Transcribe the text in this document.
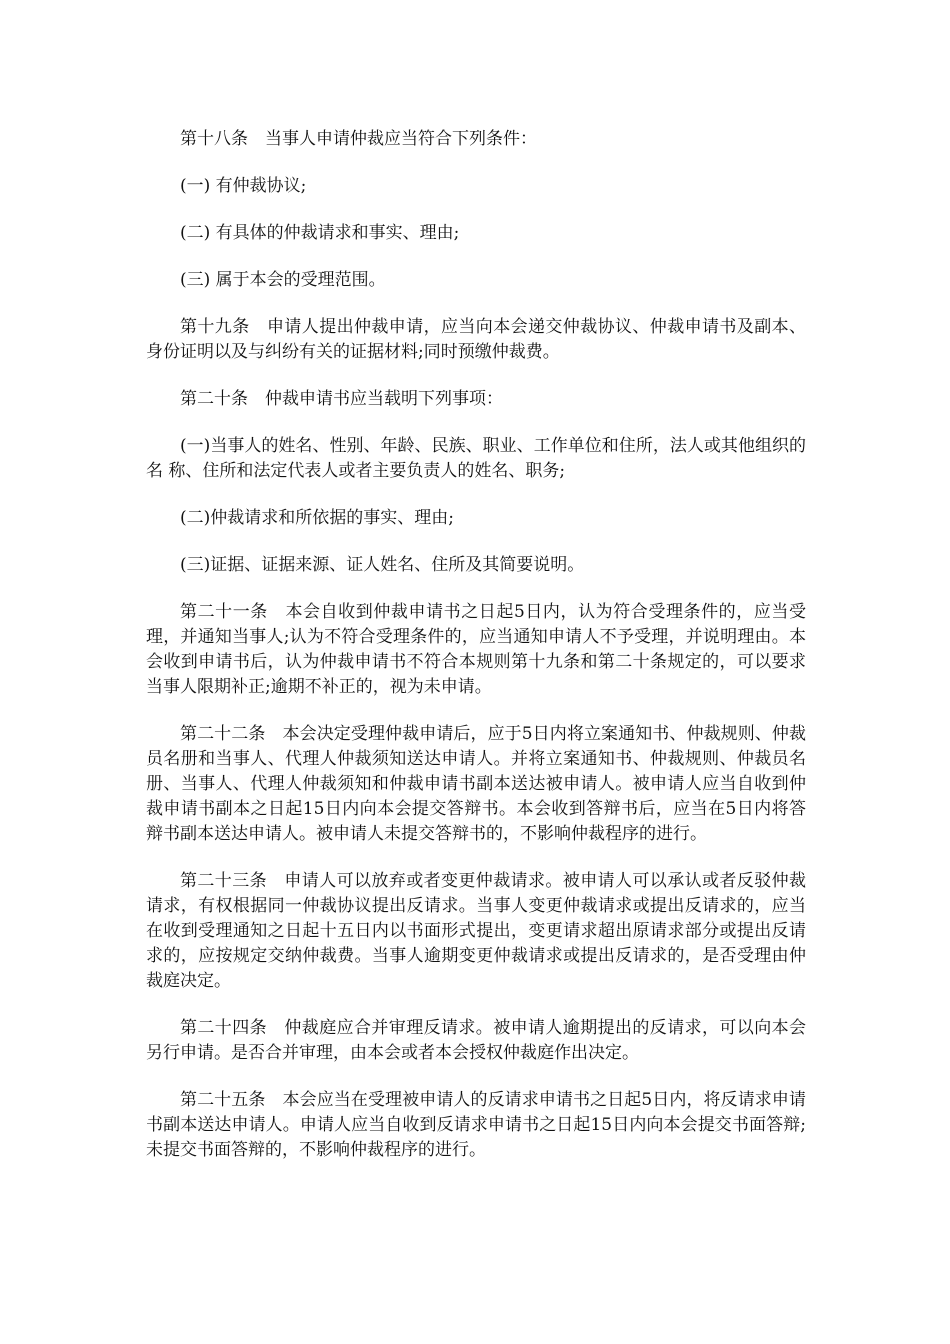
第十八条　当事人申请仲裁应当符合下列条件：

(一) 有仲裁协议;

(二) 有具体的仲裁请求和事实、理由;

(三) 属于本会的受理范围。

第十九条　申请人提出仲裁申请，应当向本会递交仲裁协议、仲裁申请书及副本、身份证明以及与纠纷有关的证据材料;同时预缴仲裁费。

第二十条　仲裁申请书应当载明下列事项：

(一)当事人的姓名、性别、年龄、民族、职业、工作单位和住所，法人或其他组织的名 称、住所和法定代表人或者主要负责人的姓名、职务;

(二)仲裁请求和所依据的事实、理由;

(三)证据、证据来源、证人姓名、住所及其简要说明。

第二十一条　本会自收到仲裁申请书之日起5日内，认为符合受理条件的，应当受理，并通知当事人;认为不符合受理条件的，应当通知申请人不予受理，并说明理由。本会收到申请书后，认为仲裁申请书不符合本规则第十九条和第二十条规定的，可以要求当事人限期补正;逾期不补正的，视为未申请。

第二十二条　本会决定受理仲裁申请后，应于5日内将立案通知书、仲裁规则、仲裁员名册和当事人、代理人仲裁须知送达申请人。并将立案通知书、仲裁规则、仲裁员名册、当事人、代理人仲裁须知和仲裁申请书副本送达被申请人。被申请人应当自收到仲裁申请书副本之日起15日内向本会提交答辩书。本会收到答辩书后，应当在5日内将答辩书副本送达申请人。被申请人未提交答辩书的，不影响仲裁程序的进行。

第二十三条　申请人可以放弃或者变更仲裁请求。被申请人可以承认或者反驳仲裁请求，有权根据同一仲裁协议提出反请求。当事人变更仲裁请求或提出反请求的，应当在收到受理通知之日起十五日内以书面形式提出，变更请求超出原请求部分或提出反请求的，应按规定交纳仲裁费。当事人逾期变更仲裁请求或提出反请求的，是否受理由仲裁庭决定。

第二十四条　仲裁庭应合并审理反请求。被申请人逾期提出的反请求，可以向本会另行申请。是否合并审理，由本会或者本会授权仲裁庭作出决定。

第二十五条　本会应当在受理被申请人的反请求申请书之日起5日内，将反请求申请书副本送达申请人。申请人应当自收到反请求申请书之日起15日内向本会提交书面答辩;未提交书面答辩的，不影响仲裁程序的进行。
